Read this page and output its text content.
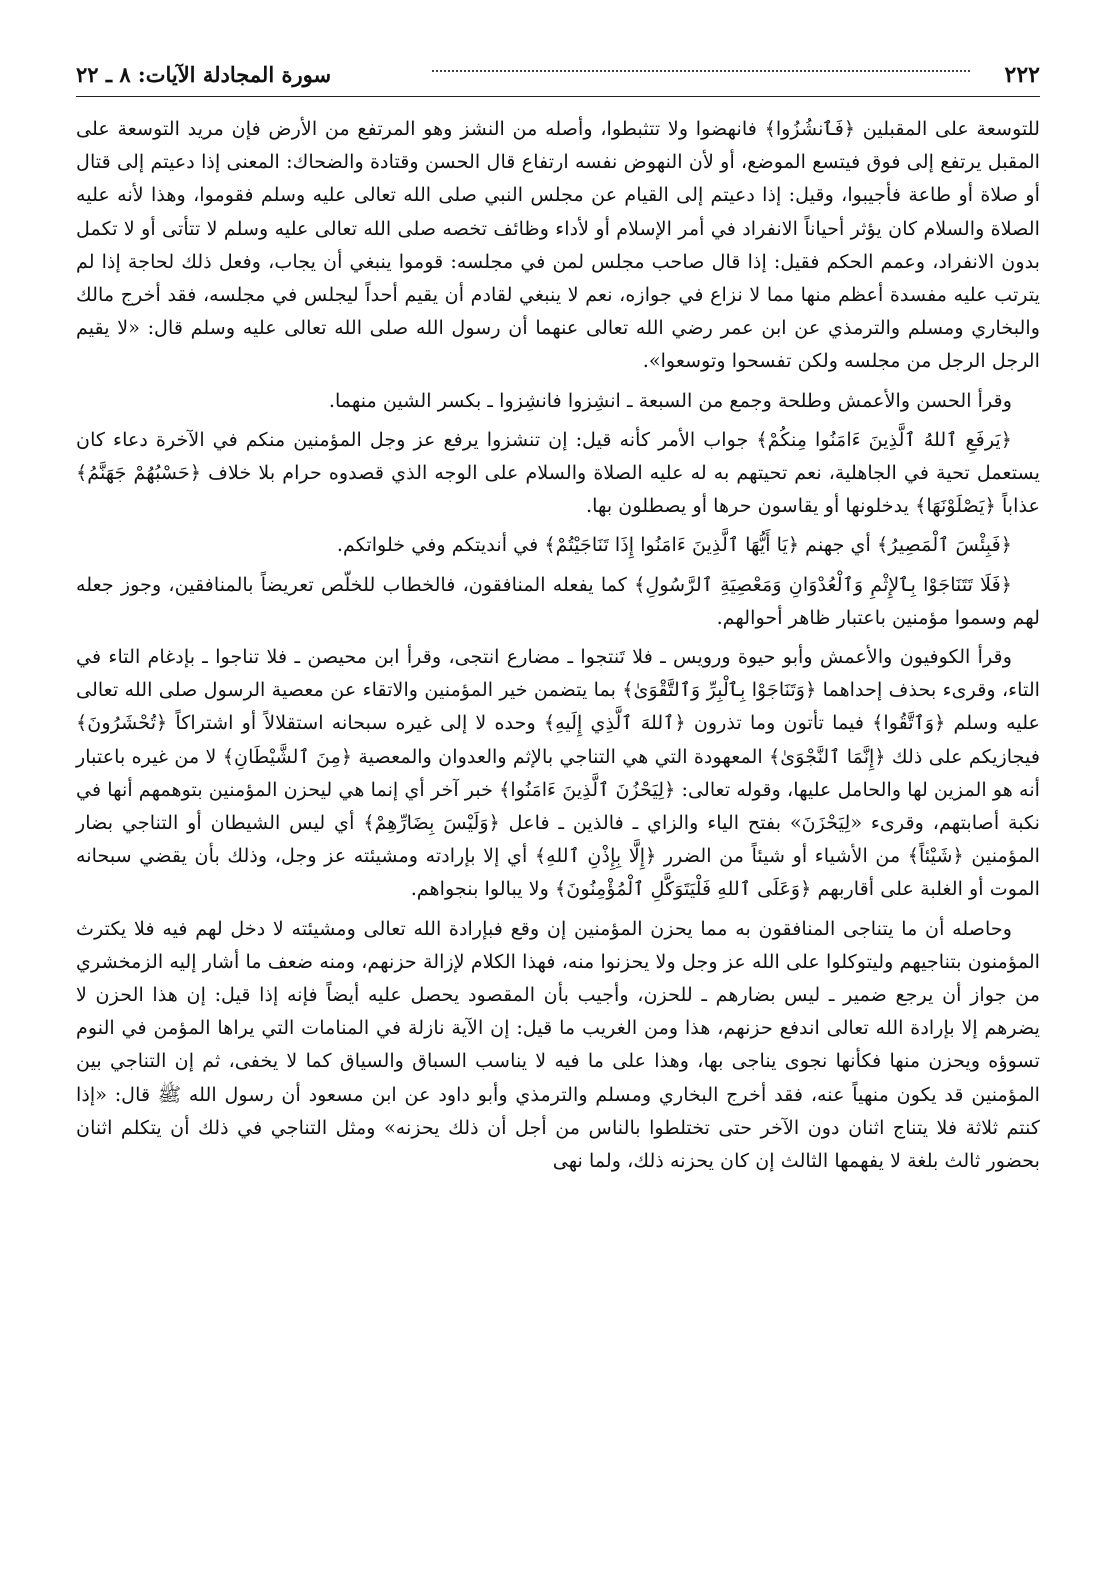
٢٢٢
سورة المجادلة الآيات: ٨ ـ ٢٢

للتوسعة على المقبلين ﴿فَٱنشُزُوا﴾ فانهضوا ولا تتثبطوا، وأصله من النشز وهو المرتفع من الأرض فإن مريد التوسعة على المقبل يرتفع إلى فوق فيتسع الموضع، أو لأن النهوض نفسه ارتفاع قال الحسن وقتادة والضحاك: المعنى إذا دعيتم إلى قتال أو صلاة أو طاعة فأجيبوا، وقيل: إذا دعيتم إلى القيام عن مجلس النبي صلى الله تعالى عليه وسلم فقوموا، وهذا لأنه عليه الصلاة والسلام كان يؤثر أحياناً الانفراد في أمر الإسلام أو لأداء وظائف تخصه صلى الله تعالى عليه وسلم لا تتأتى أو لا تكمل بدون الانفراد، وعمم الحكم فقيل: إذا قال صاحب مجلس لمن في مجلسه: قوموا ينبغي أن يجاب، وفعل ذلك لحاجة إذا لم يترتب عليه مفسدة أعظم منها مما لا نزاع في جوازه، نعم لا ينبغي لقادم أن يقيم أحداً ليجلس في مجلسه، فقد أخرج مالك والبخاري ومسلم والترمذي عن ابن عمر رضي الله تعالى عنهما أن رسول الله صلى الله تعالى عليه وسلم قال: «لا يقيم الرجل الرجل من مجلسه ولكن تفسحوا وتوسعوا».

وقرأ الحسن والأعمش وطلحة وجمع من السبعة ـ انشِزوا فانشِزوا ـ بكسر الشين منهما.

﴿يَرفَعِ ٱللهُ ٱلَّذِينَ ءَامَنُوا مِنكُمْ﴾ جواب الأمر كأنه قيل: إن تنشزوا يرفع عز وجل المؤمنين منكم في الآخرة دعاء كان يستعمل تحية في الجاهلية، نعم تحيتهم به له عليه الصلاة والسلام على الوجه الذي قصدوه حرام بلا خلاف ﴿حَسْبُهُمْ جَهَنَّمُ﴾ عذاباً ﴿يَصْلَوْنَهَا﴾ يدخلونها أو يقاسون حرها أو يصطلون بها.

﴿فَبِئْسَ ٱلْمَصِيرُ﴾ أي جهنم ﴿يَا أَيُّهَا ٱلَّذِينَ ءَامَنُوا إِذَا تَنَاجَيْتُمْ﴾ في أنديتكم وفي خلواتكم.

﴿فَلَا تَتَنَاجَوْا بِٱلإِثْمِ وَٱلْعُدْوَانِ وَمَعْصِيَةِ ٱلرَّسُولِ﴾ كما يفعله المنافقون، فالخطاب للخلّص تعريضاً بالمنافقين، وجوز جعله لهم وسموا مؤمنين باعتبار ظاهر أحوالهم.

وقرأ الكوفيون والأعمش وأبو حيوة ورويس ـ فلا تَنتجوا ـ مضارع انتجى، وقرأ ابن محيصن ـ فلا تناجوا ـ بإدغام التاء في التاء، وقرىء بحذف إحداهما ﴿وَتَنَاجَوْا بِٱلْبِرِّ وَٱلتَّقْوَىٰ﴾ بما يتضمن خير المؤمنين والاتقاء عن معصية الرسول صلى الله تعالى عليه وسلم ﴿وَٱتَّقُوا﴾ فيما تأتون وما تذرون ﴿ٱللهَ ٱلَّذِي إِلَيهِ﴾ وحده لا إلى غيره سبحانه استقلالاً أو اشتراكاً ﴿تُحْشَرُونَ﴾ فيجازيكم على ذلك ﴿إِنَّمَا ٱلنَّجْوَىٰ﴾ المعهودة التي هي التناجي بالإثم والعدوان والمعصية ﴿مِنَ ٱلشَّيْطَانِ﴾ لا من غيره باعتبار أنه هو المزين لها والحامل عليها، وقوله تعالى: ﴿لِيَحْزُنَ ٱلَّذِينَ ءَامَنُوا﴾ خبر آخر أي إنما هي ليحزن المؤمنين بتوهمهم أنها في نكبة أصابتهم، وقرىء «لِيَحْزَنَ» بفتح الياء والزاي ـ فالذين ـ فاعل ﴿وَلَيْسَ بِضَارِّهِمْ﴾ أي ليس الشيطان أو التناجي بضار المؤمنين ﴿شَيْئاً﴾ من الأشياء أو شيئاً من الضرر ﴿إِلَّا بِإِذْنِ ٱللهِ﴾ أي إلا بإرادته ومشيئته عز وجل، وذلك بأن يقضي سبحانه الموت أو الغلبة على أقاربهم ﴿وَعَلَى ٱللهِ فَلْيَتَوَكَّلِ ٱلْمُؤْمِنُونَ﴾ ولا يبالوا بنجواهم.

وحاصله أن ما يتناجى المنافقون به مما يحزن المؤمنين إن وقع فبإرادة الله تعالى ومشيئته لا دخل لهم فيه فلا يكترث المؤمنون بتناجيهم وليتوكلوا على الله عز وجل ولا يحزنوا منه، فهذا الكلام لإزالة حزنهم، ومنه ضعف ما أشار إليه الزمخشري من جواز أن يرجع ضمير ـ ليس بضارهم ـ للحزن، وأجيب بأن المقصود يحصل عليه أيضاً فإنه إذا قيل: إن هذا الحزن لا يضرهم إلا بإرادة الله تعالى اندفع حزنهم، هذا ومن الغريب ما قيل: إن الآية نازلة في المنامات التي يراها المؤمن في النوم تسوؤه ويحزن منها فكأنها نجوى يناجى بها، وهذا على ما فيه لا يناسب السباق والسياق كما لا يخفى، ثم إن التناجي بين المؤمنين قد يكون منهياً عنه، فقد أخرج البخاري ومسلم والترمذي وأبو داود عن ابن مسعود أن رسول الله ﷺ قال: «إذا كنتم ثلاثة فلا يتناج اثنان دون الآخر حتى تختلطوا بالناس من أجل أن ذلك يحزنه» ومثل التناجي في ذلك أن يتكلم اثنان بحضور ثالث بلغة لا يفهمها الثالث إن كان يحزنه ذلك، ولما نهى
